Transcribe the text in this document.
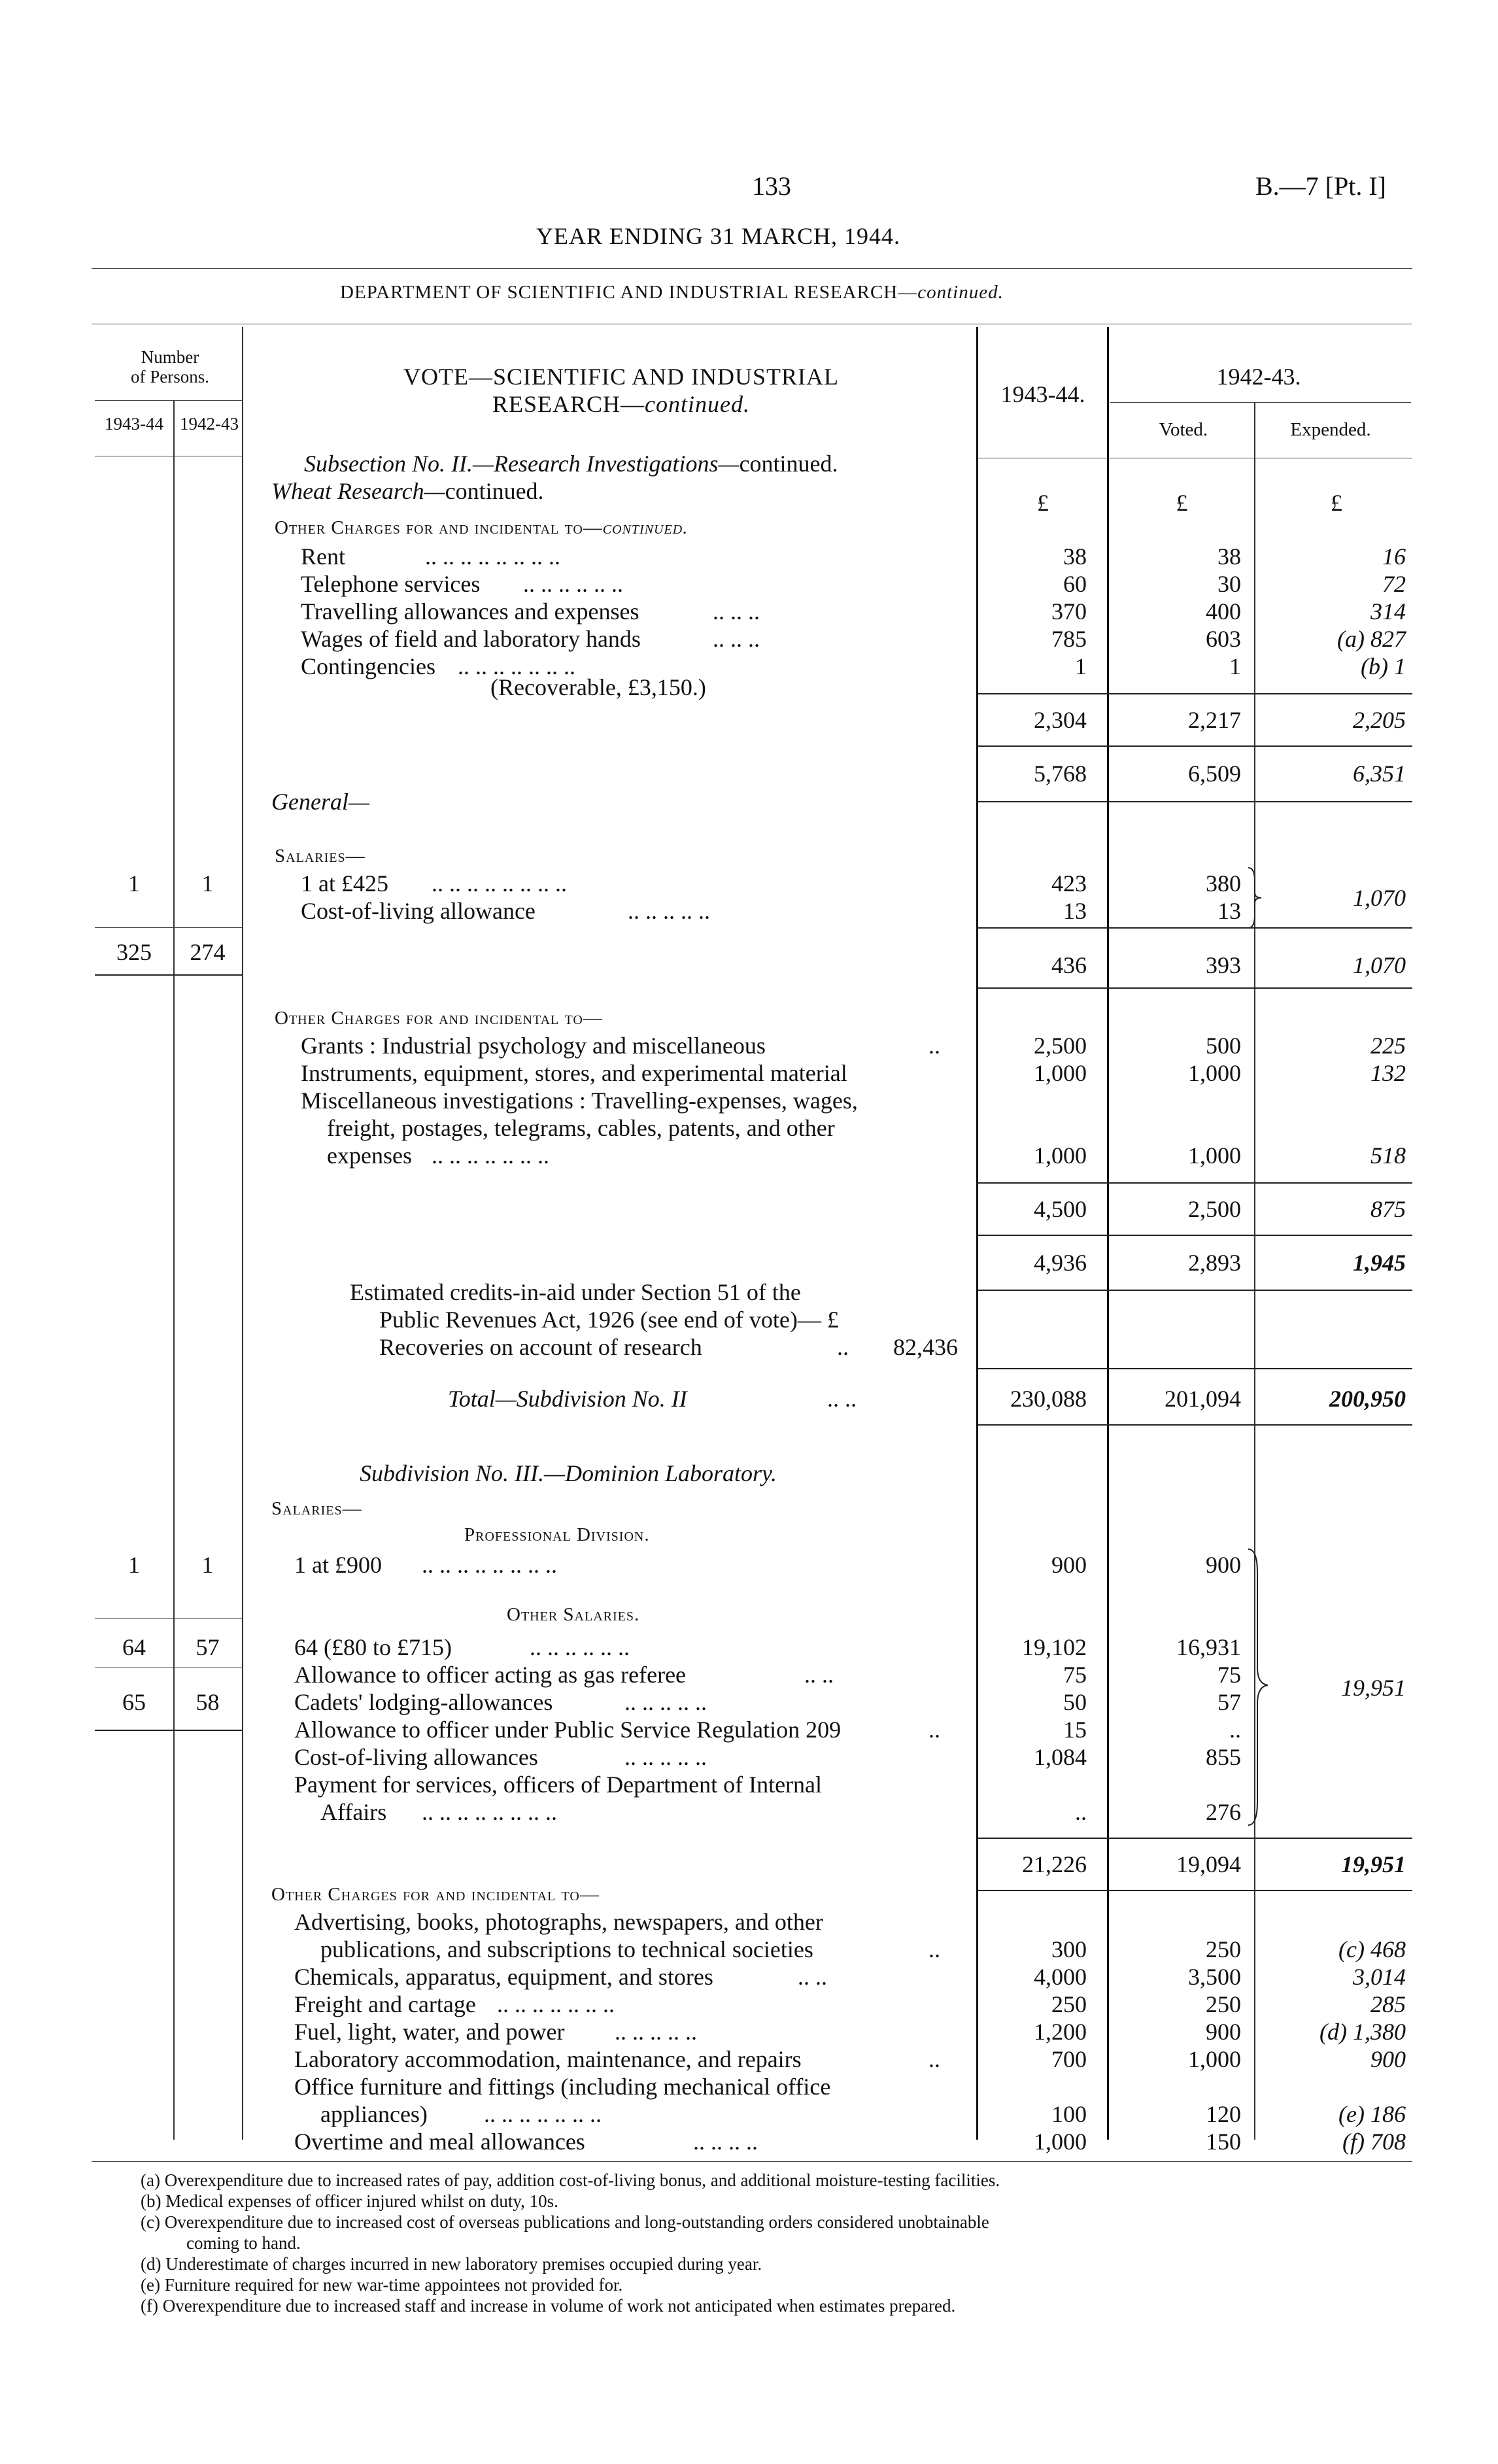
133	B.—7 [Pt. I]
YEAR ENDING 31 MARCH, 1944.
DEPARTMENT OF SCIENTIFIC AND INDUSTRIAL RESEARCH—continued.
Number
of Persons.
1943-44 1942-43
VOTE—SCIENTIFIC AND INDUSTRIAL
RESEARCH—continued.	1943-44.
1942-43.
Voted.	Expended.
Subsection No. II.—Research Investigations—continued.
Wheat Research—continued.	£	£	£
Other Charges for and incidental to—continued.
Rent	.. .. .. .. .. .. .. ..	38	38	16
Telephone services .. .. .. .. .. ..	60	30	72
Travelling allowances and expenses	.. .. ..	370	400	314
Wages of field and laboratory hands	.. .. ..	785	603	(a) 827
Contingencies .. .. .. .. .. .. ..	1	1	(b) 1
(Recoverable, £3,150.)
2,304	2,217	2,205
5,768	6,509	6,351
General—
Salaries—
1	1	1 at £425 .. .. .. .. .. .. .. ..	423	380
Cost-of-living allowance	.. .. .. .. ..	13	13	1,070
325	274	436	393	1,070
Other Charges for and incidental to—
Grants : Industrial psychology and miscellaneous	..	2,500	500	225
Instruments, equipment, stores, and experimental material	1,000	1,000	132
Miscellaneous investigations : Travelling-expenses, wages,
freight, postages, telegrams, cables, patents, and other
expenses .. .. .. .. .. .. ..	1,000	1,000	518
4,500	2,500	875
4,936	2,893	1,945
Estimated credits-in-aid under Section 51 of the
Public Revenues Act, 1926 (see end of vote)— £
Recoveries on account of research	..	82,436
Total—Subdivision No. II	.. ..	230,088	201,094	200,950
Subdivision No. III.—Dominion Laboratory.
Salaries—
Professional Division.
1	1	1 at £900 .. .. .. .. .. .. .. ..	900	900
Other Salaries.
64	57	64 (£80 to £715)	.. .. .. .. .. ..	19,102	16,931
Allowance to officer acting as gas referee	.. ..	75	75
65	58	Cadets' lodging-allowances	.. .. .. .. ..	50	57
Allowance to officer under Public Service Regulation 209	..	15	..
Cost-of-living allowances	.. .. .. .. ..	1,084	855
Payment for services, officers of Department of Internal
Affairs .. .. .. .. .. .. .. ..	..	276
19,951
21,226	19,094	19,951
Other Charges for and incidental to—
Advertising, books, photographs, newspapers, and other
publications, and subscriptions to technical societies	..	300	250	(c) 468
Chemicals, apparatus, equipment, and stores	.. ..	4,000	3,500	3,014
Freight and cartage .. .. .. .. .. .. ..	250	250	285
Fuel, light, water, and power .. .. .. .. ..	1,200	900	(d) 1,380
Laboratory accommodation, maintenance, and repairs	..	700	1,000	900
Office furniture and fittings (including mechanical office
appliances) .. .. .. .. .. .. ..	100	120	(e) 186
Overtime and meal allowances	.. .. .. ..	1,000	150	(f) 708
(a) Overexpenditure due to increased rates of pay, addition cost-of-living bonus, and additional moisture-testing facilities.
(b) Medical expenses of officer injured whilst on duty, 10s.
(c) Overexpenditure due to increased cost of overseas publications and long-outstanding orders considered unobtainable
coming to hand.
(d) Underestimate of charges incurred in new laboratory premises occupied during year.
(e) Furniture required for new war-time appointees not provided for.
(f) Overexpenditure due to increased staff and increase in volume of work not anticipated when estimates prepared.
